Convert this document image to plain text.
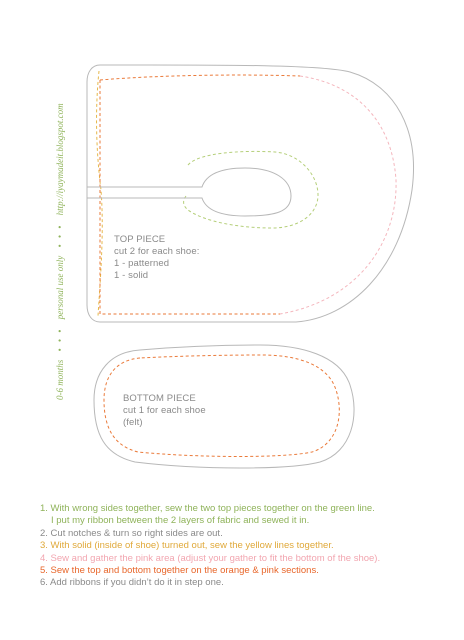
TOP PIECE
cut 2 for each shoe:
1 - patterned
1 - solid
BOTTOM PIECE
cut 1 for each shoe
(felt)
0-6 months • • • personal use only • • • http://iyaymadeit.blogspot.com
1. With wrong sides together, sew the two top pieces together on the green line.
I put my ribbon between the 2 layers of fabric and sewed it in.
2. Cut notches & turn so right sides are out.
3. With solid (inside of shoe) turned out, sew the yellow lines together.
4. Sew and gather the pink area (adjust your gather to fit the bottom of the shoe).
5. Sew the top and bottom together on the orange & pink sections.
6. Add ribbons if you didn’t do it in step one.
